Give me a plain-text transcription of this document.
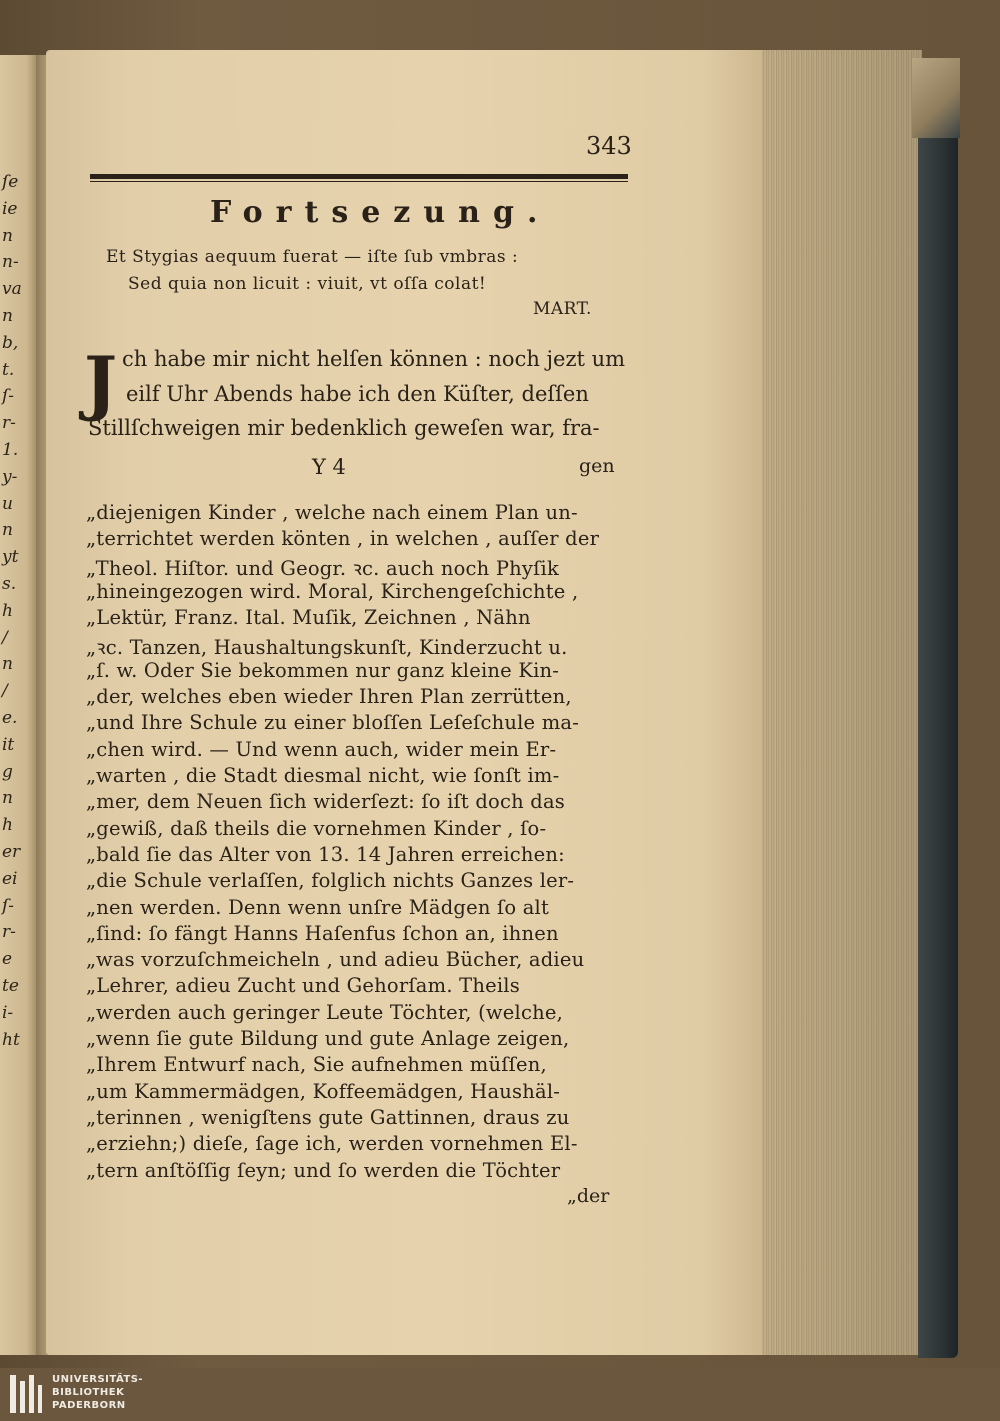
ſe
ie
n
n-
va
n
b,
t.
ſ-
r-
1.
y-
u
n
yt
s.
h
/
n
/
e.
it
g
n
h
er
ei
ſ-
r-
e
te
i-
ht
343
Fortsezung.
Et Stygias aequum fuerat — iſte ſub vmbras :
Sed quia non licuit : viuit, vt oſſa colat!
MART.
J ch habe mir nicht helſen können : noch jezt um
eilf Uhr Abends habe ich den Küſter, deſſen
Stillſchweigen mir bedenklich geweſen war, fra-
Y 4	gen
„diejenigen Kinder , welche nach einem Plan un-
„terrichtet werden könten , in welchen , auſſer der
„Theol. Hiſtor. und Geogr. ꝛc. auch noch Phyſik
„hineingezogen wird. Moral, Kirchengeſchichte ,
„Lektür, Franz. Ital. Muſik, Zeichnen , Nähn
„ꝛc. Tanzen, Haushaltungskunſt, Kinderzucht u.
„ſ. w. Oder Sie bekommen nur ganz kleine Kin-
„der, welches eben wieder Ihren Plan zerrütten,
„und Ihre Schule zu einer bloſſen Leſeſchule ma-
„chen wird. — Und wenn auch, wider mein Er-
„warten , die Stadt diesmal nicht, wie ſonſt im-
„mer, dem Neuen ſich widerſezt: ſo iſt doch das
„gewiß, daß theils die vornehmen Kinder , ſo-
„bald ſie das Alter von 13. 14 Jahren erreichen:
„die Schule verlaſſen, folglich nichts Ganzes ler-
„nen werden. Denn wenn unſre Mädgen ſo alt
„ſind: ſo fängt Hanns Haſenfus ſchon an, ihnen
„was vorzuſchmeicheln , und adieu Bücher, adieu
„Lehrer, adieu Zucht und Gehorſam. Theils
„werden auch geringer Leute Töchter, (welche,
„wenn ſie gute Bildung und gute Anlage zeigen,
„Ihrem Entwurf nach, Sie aufnehmen müſſen,
„um Kammermädgen, Koffeemädgen, Haushäl-
„terinnen , wenigſtens gute Gattinnen, draus zu
„erziehn;) dieſe, ſage ich, werden vornehmen El-
„tern anſtöſſig ſeyn; und ſo werden die Töchter
„der
UNIVERSITÄTS-
BIBLIOTHEK
PADERBORN
